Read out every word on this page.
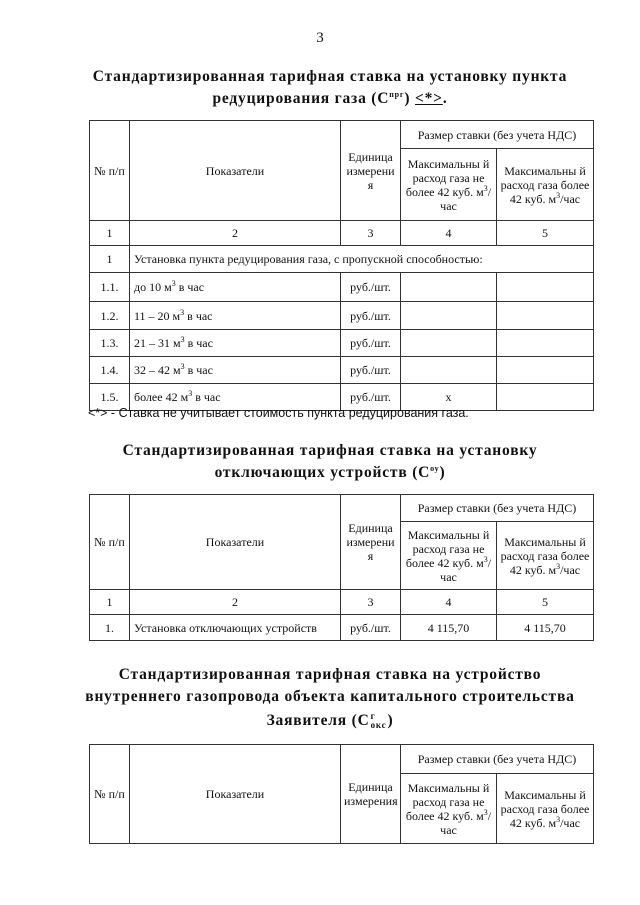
3
Стандартизированная тарифная ставка на установку пункта
редуцирования газа $(С^{прг})$ <*>.
№ п/п	Показатели	Единица измерени я	Размер ставки (без учета НДС)	
			Максимальны й расход газа не более 42 куб. $м^3$/час	Максимальны й расход газа более 42 куб. $м^3$/час
1	2	3	4	5
1	Установка пункта редуцирования газа, с пропускной способностью:			
1.1.	до 10 $м^3$ в час	руб./шт.		
1.2.	11 – 20 $м^3$ в час	руб./шт.		
1.3.	21 – 31 $м^3$ в час	руб./шт.		
1.4.	32 – 42 $м^3$ в час	руб./шт.		
1.5.	более 42 $м^3$ в час	руб./шт.	x	
<*> - Ставка не учитывает стоимость пункта редуцирования газа.
Стандартизированная тарифная ставка на установку
отключающих устройств $(С^{оу})$
№ п/п	Показатели	Единица измерени я	Размер ставки (без учета НДС)	
			Максимальны й расход газа не более 42 куб. $м^3$/час	Максимальны й расход газа более 42 куб. $м^3$/час
1	2	3	4	5
1.	Установка отключающих устройств	руб./шт.	4 115,70	4 115,70
Стандартизированная тарифная ставка на устройство
внутреннего газопровода объекта капитального строительства
Заявителя (С г
окс )
№ п/п	Показатели	Единица измерения	Размер ставки (без учета НДС)	
			Максимальны й расход газа не более 42 куб. $м^3$/час	Максимальны й расход газа более 42 куб. $м^3$/час
